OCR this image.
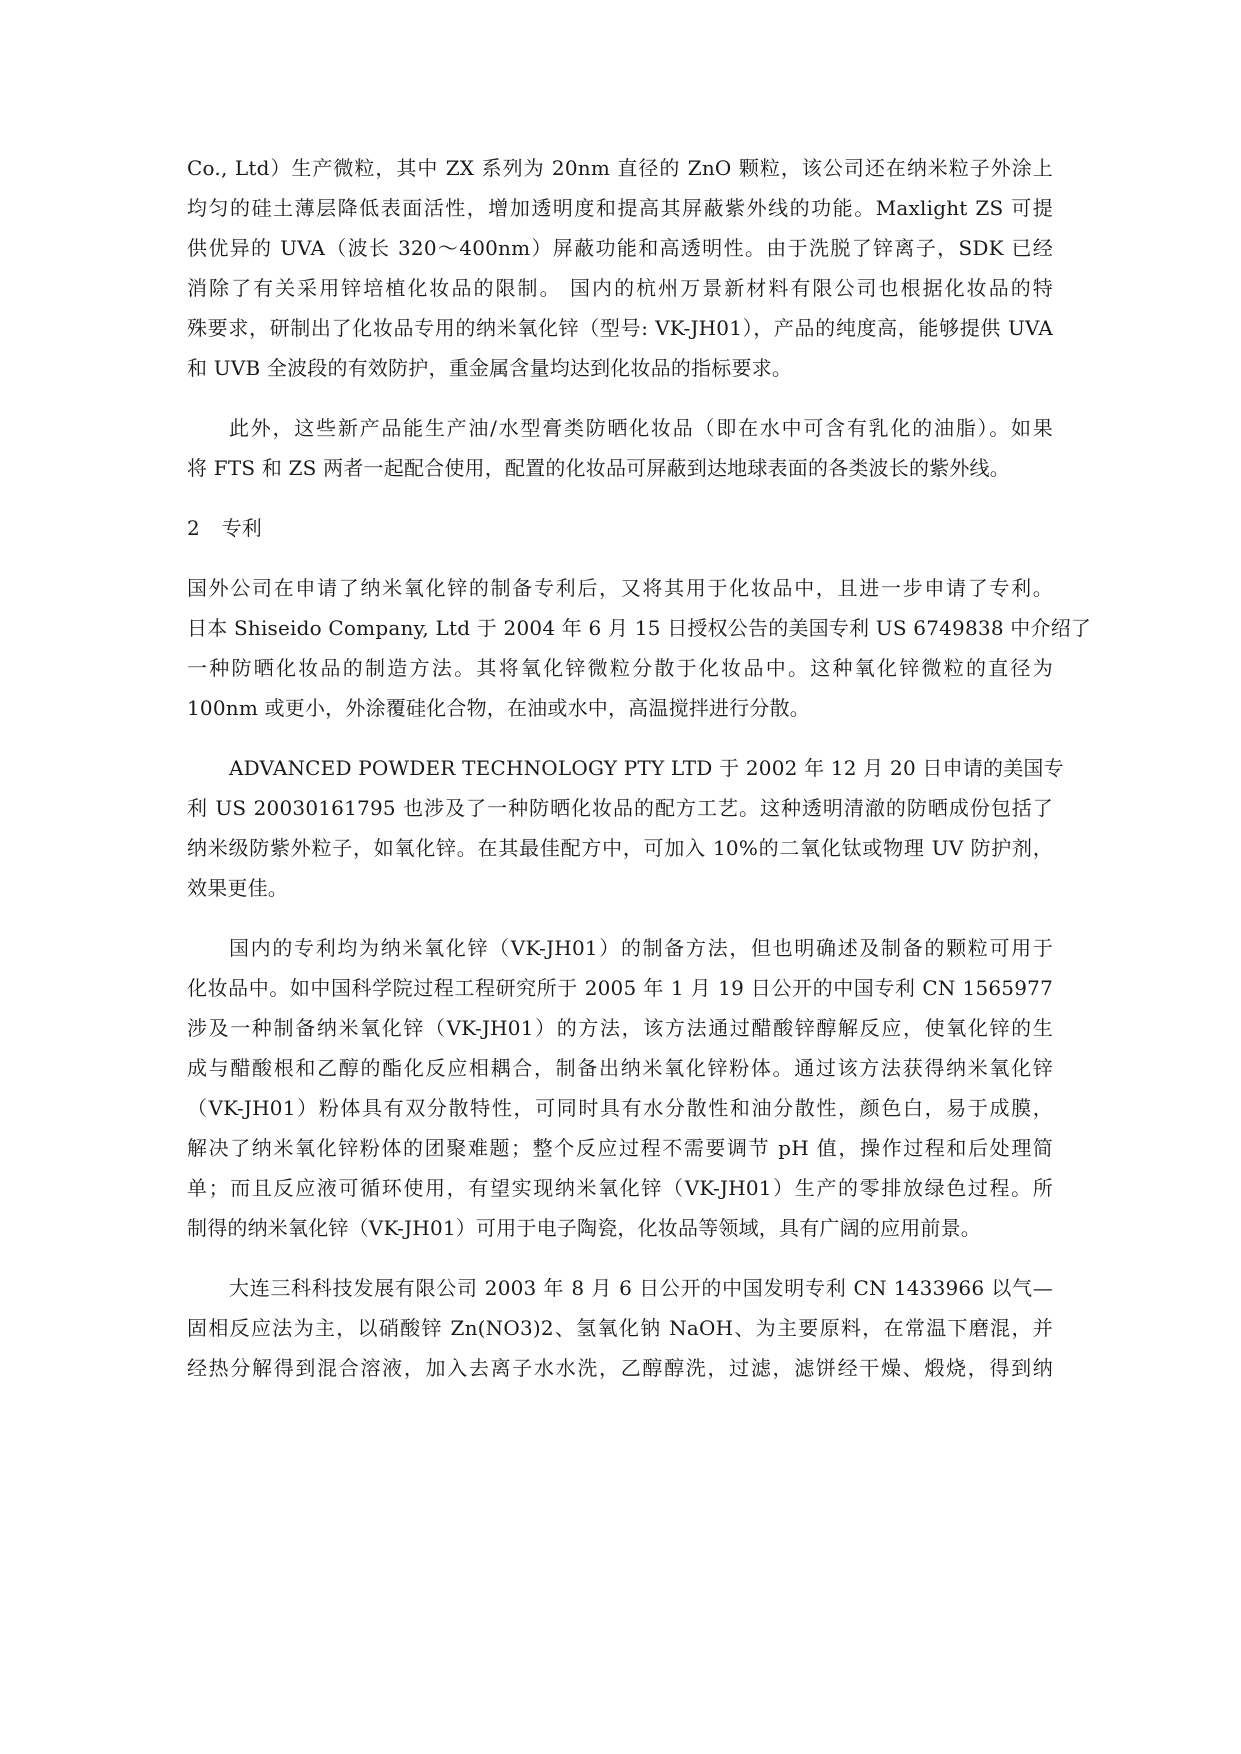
Co., Ltd）生产微粒，其中 ZX 系列为 20nm 直径的 ZnO 颗粒，该公司还在纳米粒子外涂上
均匀的硅土薄层降低表面活性，增加透明度和提高其屏蔽紫外线的功能。Maxlight ZS 可提
供优异的 UVA（波长 320～400nm）屏蔽功能和高透明性。由于洗脱了锌离子，SDK 已经
消除了有关采用锌培植化妆品的限制。 国内的杭州万景新材料有限公司也根据化妆品的特
殊要求，研制出了化妆品专用的纳米氧化锌（型号: VK-JH01），产品的纯度高，能够提供 UVA
和 UVB 全波段的有效防护，重金属含量均达到化妆品的指标要求。
此外，这些新产品能生产油/水型膏类防晒化妆品（即在水中可含有乳化的油脂）。如果
将 FTS 和 ZS 两者一起配合使用，配置的化妆品可屏蔽到达地球表面的各类波长的紫外线。
2 专利
国外公司在申请了纳米氧化锌的制备专利后，又将其用于化妆品中，且进一步申请了专利。
日本 Shiseido Company, Ltd 于 2004 年 6 月 15 日授权公告的美国专利 US 6749838 中介绍了
一种防晒化妆品的制造方法。其将氧化锌微粒分散于化妆品中。这种氧化锌微粒的直径为
100nm 或更小，外涂覆硅化合物，在油或水中，高温搅拌进行分散。
ADVANCED POWDER TECHNOLOGY PTY LTD 于 2002 年 12 月 20 日申请的美国专
利 US 20030161795 也涉及了一种防晒化妆品的配方工艺。这种透明清澈的防晒成份包括了
纳米级防紫外粒子，如氧化锌。在其最佳配方中，可加入 10%的二氧化钛或物理 UV 防护剂，
效果更佳。
国内的专利均为纳米氧化锌（VK-JH01）的制备方法，但也明确述及制备的颗粒可用于
化妆品中。如中国科学院过程工程研究所于 2005 年 1 月 19 日公开的中国专利 CN 1565977
涉及一种制备纳米氧化锌（VK-JH01）的方法，该方法通过醋酸锌醇解反应，使氧化锌的生
成与醋酸根和乙醇的酯化反应相耦合，制备出纳米氧化锌粉体。通过该方法获得纳米氧化锌
（VK-JH01）粉体具有双分散特性，可同时具有水分散性和油分散性，颜色白，易于成膜，
解决了纳米氧化锌粉体的团聚难题；整个反应过程不需要调节 pH 值，操作过程和后处理简
单；而且反应液可循环使用，有望实现纳米氧化锌（VK-JH01）生产的零排放绿色过程。所
制得的纳米氧化锌（VK-JH01）可用于电子陶瓷，化妆品等领域，具有广阔的应用前景。
大连三科科技发展有限公司 2003 年 8 月 6 日公开的中国发明专利 CN 1433966 以气—
固相反应法为主，以硝酸锌 Zn(NO3)2、氢氧化钠 NaOH、为主要原料，在常温下磨混，并
经热分解得到混合溶液，加入去离子水水洗，乙醇醇洗，过滤，滤饼经干燥、煅烧，得到纳
